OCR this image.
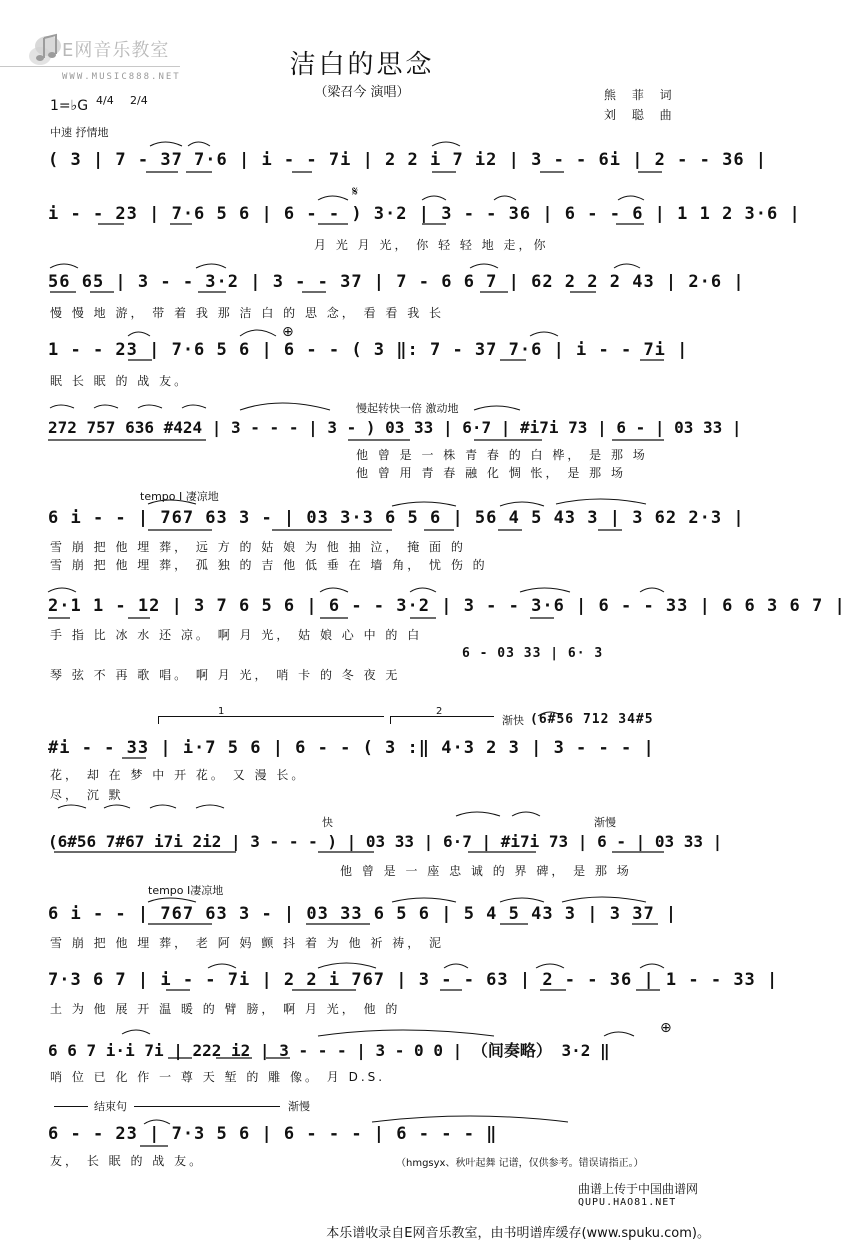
E网音乐教室
WWW.MUSIC888.NET	洁白的思念
（梁召今 演唱）	熊 菲 词
刘 聪 曲
1=♭G 4/4 2/4
中速 抒情地
( 3 | 7 - 37 7·6 | i - - 7i | 2 2 i 7 i2 | 3 - - 6i | 2 - - 36 |
𝄋
i - - 23 | 7·6 5 6 | 6 - - ) 3·2 | 3 - - 36 | 6 - - 6 | 1 1 2 3·6 |
月 光 月 光， 你 轻 轻 地 走，你
56 65 | 3 - - 3·2 | 3 - - 37 | 7 - 6 6 7 | 62 2 2 2 43 | 2·6 |
慢 慢 地 游， 带 着 我 那 洁 白 的 思 念， 看 看 我 长
⊕
1 - - 23 | 7·6 5 6 | 6 - - ( 3 ‖: 7 - 37 7·6 | i - - 7i |
眠 长 眠 的 战 友。
慢起转快一倍 激动地
272 757 636 #424 | 3 - - - | 3 - ) 03 33 | 6·7 | #i7i 73 | 6 - | 03 33 |
他 曾 是 一 株 青 春 的 白 桦， 是 那 场
他 曾 用 青 春 融 化 惆 怅， 是 那 场
tempo Ⅰ 凄凉地
6 i - - | 767 63 3 - | 03 3·3 6 5 6 | 56 4 5 43 3 | 3 62 2·3 |
雪 崩 把 他 埋 葬， 远 方 的 姑 娘 为 他 抽 泣， 掩 面 的
雪 崩 把 他 埋 葬， 孤 独 的 吉 他 低 垂 在 墙 角， 忧 伤 的
2·1 1 - 12 | 3 7 6 5 6 | 6 - - 3·2 | 3 - - 3·6 | 6 - - 33 | 6 6 3 6 7 |
手 指 比 冰 水 还 凉。 啊 月 光， 姑 娘 心 中 的 白
6 - 03 33 | 6· 3
琴 弦 不 再 歌 唱。 啊 月 光， 哨 卡 的 冬 夜 无
1	2
渐快 (6#56 712 34#5
#i - - 33 | i·7 5 6 | 6 - - ( 3 :‖ 4·3 2 3 | 3 - - - |
花， 却 在 梦 中 开 花。 又 漫 长。
尽， 沉 默
快	渐慢
(6#56 7#67 i7i 2i2 | 3 - - - ) | 03 33 | 6·7 | #i7i 73 | 6 - | 03 33 |
他 曾 是 一 座 忠 诚 的 界 碑， 是 那 场
tempo Ⅰ凄凉地
6 i - - | 767 63 3 - | 03 33 6 5 6 | 5 4 5 43 3 | 3 37 |
雪 崩 把 他 埋 葬， 老 阿 妈 颤 抖 着 为 他 祈 祷， 泥
7·3 6 7 | i - - 7i | 2 2 i 767 | 3 - - 63 | 2 - - 36 | 1 - - 33 |
土 为 他 展 开 温 暖 的 臂 膀， 啊 月 光， 他 的
⊕
6 6 7 i·i 7i | 222 i2 | 3 - - - | 3 - 0 0 | （间奏略） 3·2 ‖
哨 位 已 化 作 一 尊 天 堑 的 雕 像。 月 D.S.
结束句	渐慢
6 - - 23 | 7·3 5 6 | 6 - - - | 6 - - - ‖
友， 长 眠 的 战 友。	（hmgsyx、秋叶起舞 记谱，仅供参考。错误请指正。）
曲谱上传于中国曲谱网
QUPU.HAO81.NET
本乐谱收录自E网音乐教室，由书明谱库缓存(www.spuku.com)。
